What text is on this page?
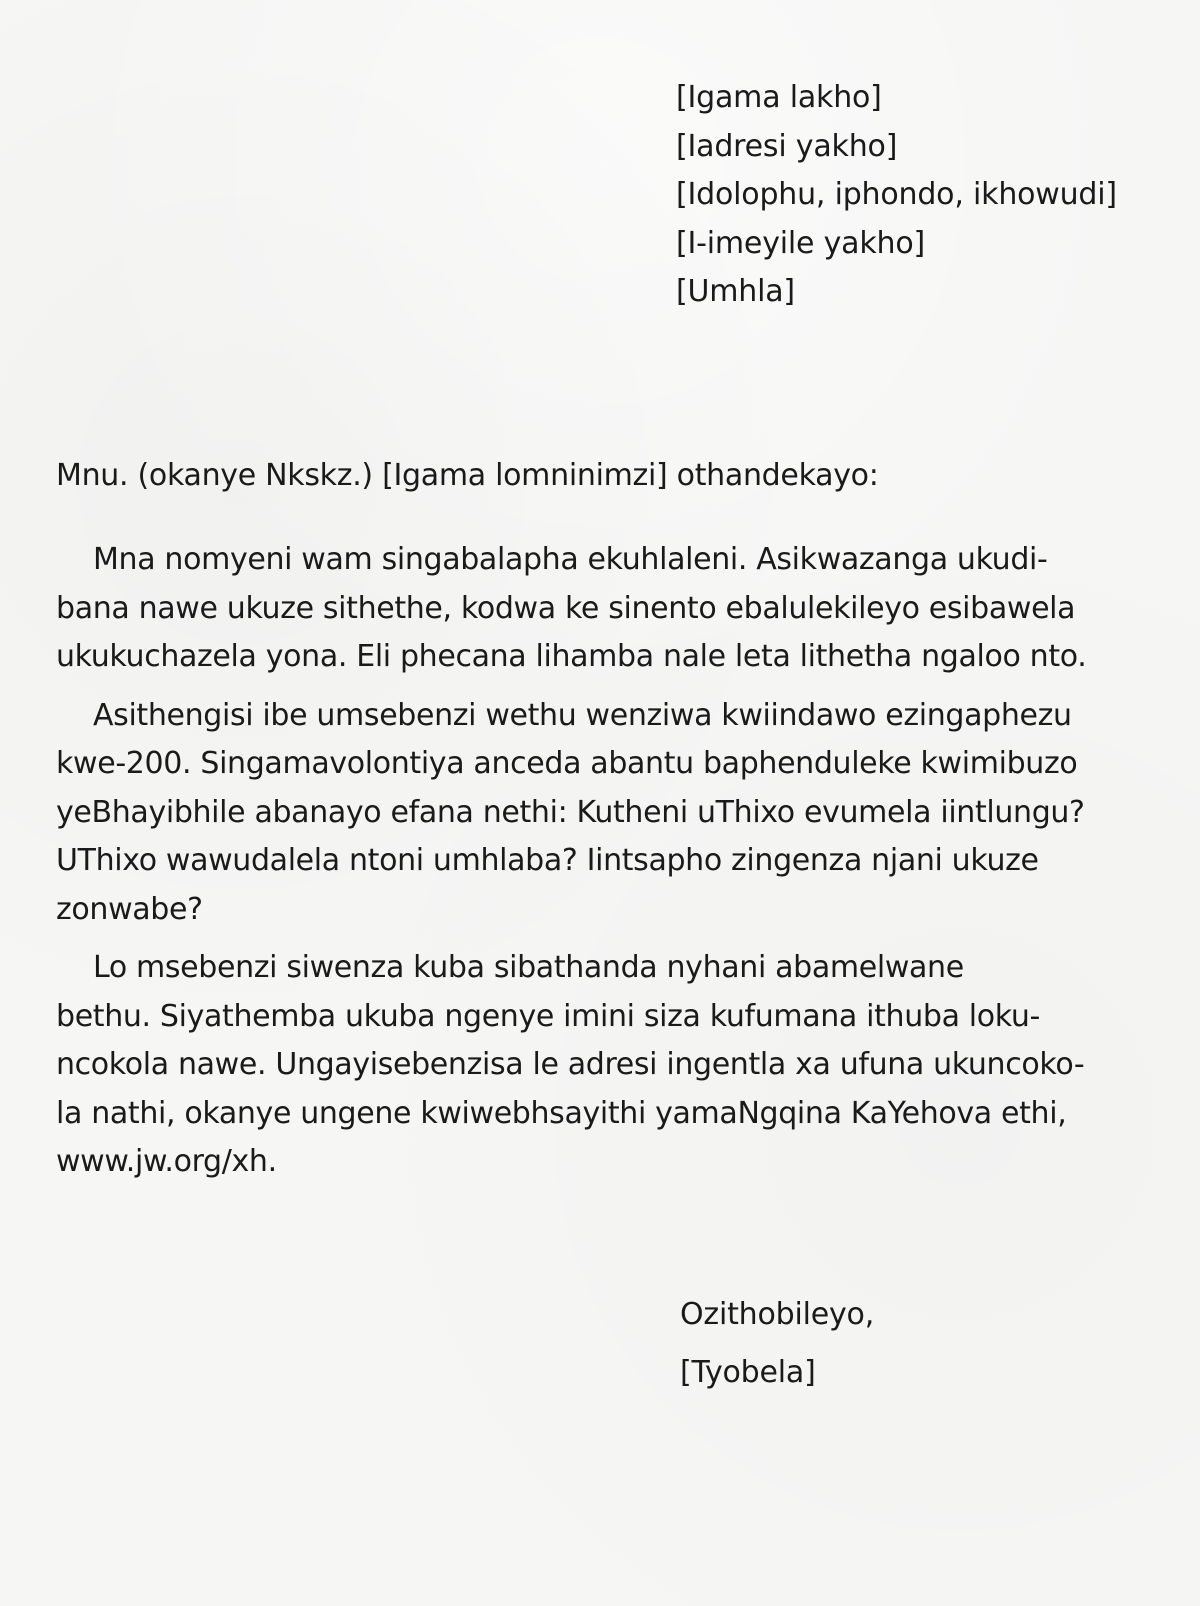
[Igama lakho]
[Iadresi yakho]
[Idolophu, iphondo, ikhowudi]
[I-imeyile yakho]
[Umhla]
Mnu. (okanye Nkskz.) [Igama lomninimzi] othandekayo:

Mna nomyeni wam singabalapha ekuhlaleni. Asikwazanga ukudi-
bana nawe ukuze sithethe, kodwa ke sinento ebalulekileyo esibawela
ukukuchazela yona. Eli phecana lihamba nale leta lithetha ngaloo nto.

Asithengisi ibe umsebenzi wethu wenziwa kwiindawo ezingaphezu
kwe-200. Singamavolontiya anceda abantu baphenduleke kwimibuzo
yeBhayibhile abanayo efana nethi: Kutheni uThixo evumela iintlungu?
UThixo wawudalela ntoni umhlaba? Iintsapho zingenza njani ukuze
zonwabe?

Lo msebenzi siwenza kuba sibathanda nyhani abamelwane
bethu. Siyathemba ukuba ngenye imini siza kufumana ithuba loku-
ncokola nawe. Ungayisebenzisa le adresi ingentla xa ufuna ukuncoko-
la nathi, okanye ungene kwiwebhsayithi yamaNgqina KaYehova ethi,
www.jw.org/xh.

Ozithobileyo,
[Tyobela]
